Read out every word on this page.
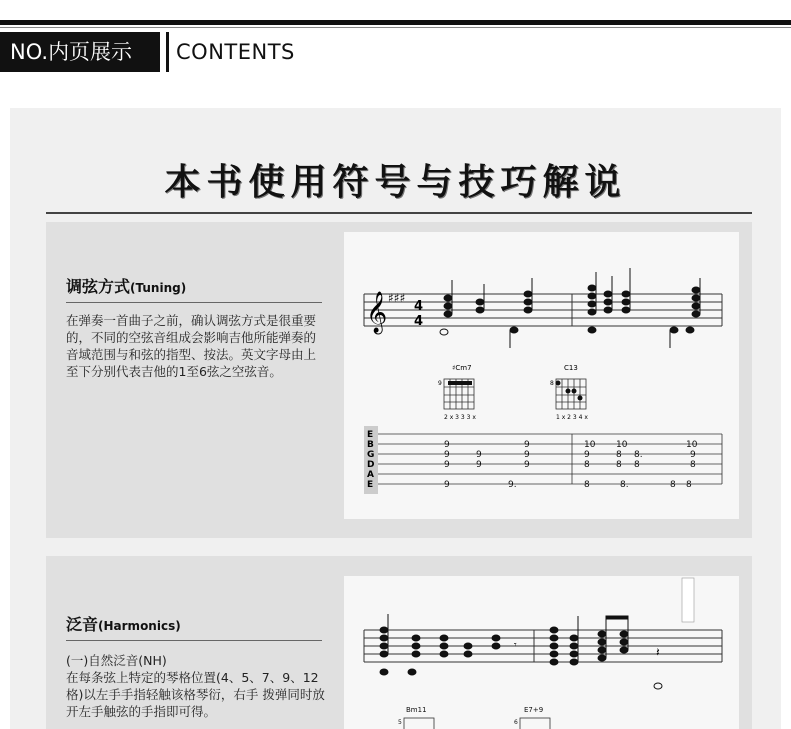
NO.内页展示	CONTENTS
本书使用符号与技巧解说
调弦方式(Tuning)
在弹奏一首曲子之前，确认调弦方式是很重要的，不同的空弦音组成会影响吉他所能弹奏的音域范围与和弦的指型、按法。英文字母由上至下分别代表吉他的1至6弦之空弦音。
𝄞 ♯♯♯
4
4
♯Cm7
9
2 x 3 3 3 x
C13
8
1 x 2 3 4 x
E
B
G
D
A
E
9
9
9
9
9
9
9.
9
9
9
10
9
8
8
10
8
8
8.
8.
8
10
9
8
8 8
泛音(Harmonics)
(一)自然泛音(NH)
在每条弦上特定的琴格位置(4、5、7、9、12格)以左手手指轻触该格琴衍，右手 拨弹同时放开左手触弦的手指即可得。
𝄾	𝄽
Bm11
5
E7+9
6
